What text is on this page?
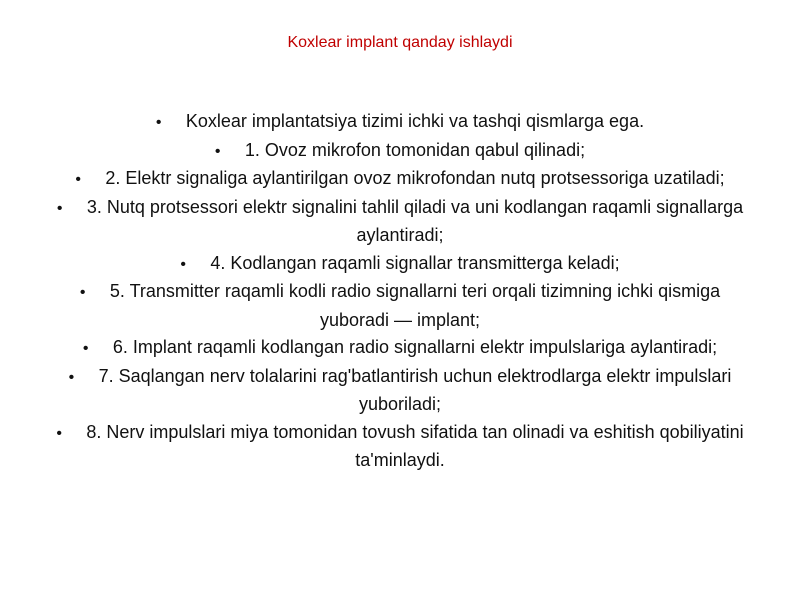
Koxlear implant qanday ishlaydi
• Koxlear implantatsiya tizimi ichki va tashqi qismlarga ega.
• 1. Ovoz mikrofon tomonidan qabul qilinadi;
• 2. Elektr signaliga aylantirilgan ovoz mikrofondan nutq protsessoriga uzatiladi;
• 3. Nutq protsessori elektr signalini tahlil qiladi va uni kodlangan raqamli signallarga aylantiradi;
• 4. Kodlangan raqamli signallar transmitterga keladi;
• 5. Transmitter raqamli kodli radio signallarni teri orqali tizimning ichki qismiga yuboradi — implant;
• 6. Implant raqamli kodlangan radio signallarni elektr impulslariga aylantiradi;
• 7. Saqlangan nerv tolalarini rag'batlantirish uchun elektrodlarga elektr impulslari yuboriladi;
• 8. Nerv impulslari miya tomonidan tovush sifatida tan olinadi va eshitish qobiliyatini ta'minlaydi.
